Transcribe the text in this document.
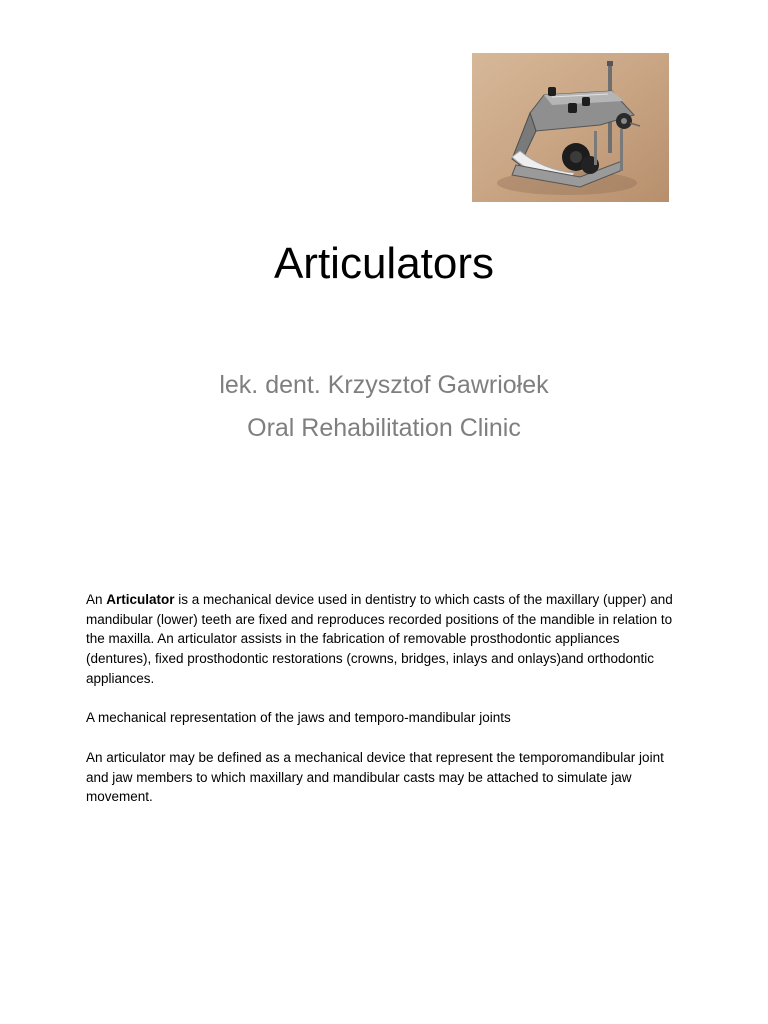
Articulators

lek. dent. Krzysztof Gawriołek

Oral Rehabilitation Clinic

An Articulator is a mechanical device used in dentistry to which casts of the maxillary (upper) and mandibular (lower) teeth are fixed and reproduces recorded positions of the mandible in relation to the maxilla. An articulator assists in the fabrication of removable prosthodontic appliances (dentures), fixed prosthodontic restorations (crowns, bridges, inlays and onlays)and orthodontic appliances.

A mechanical representation of the jaws and temporo-mandibular joints

An articulator may be defined as a mechanical device that represent the temporomandibular joint and jaw members to which maxillary and mandibular casts may be attached to simulate jaw movement.
